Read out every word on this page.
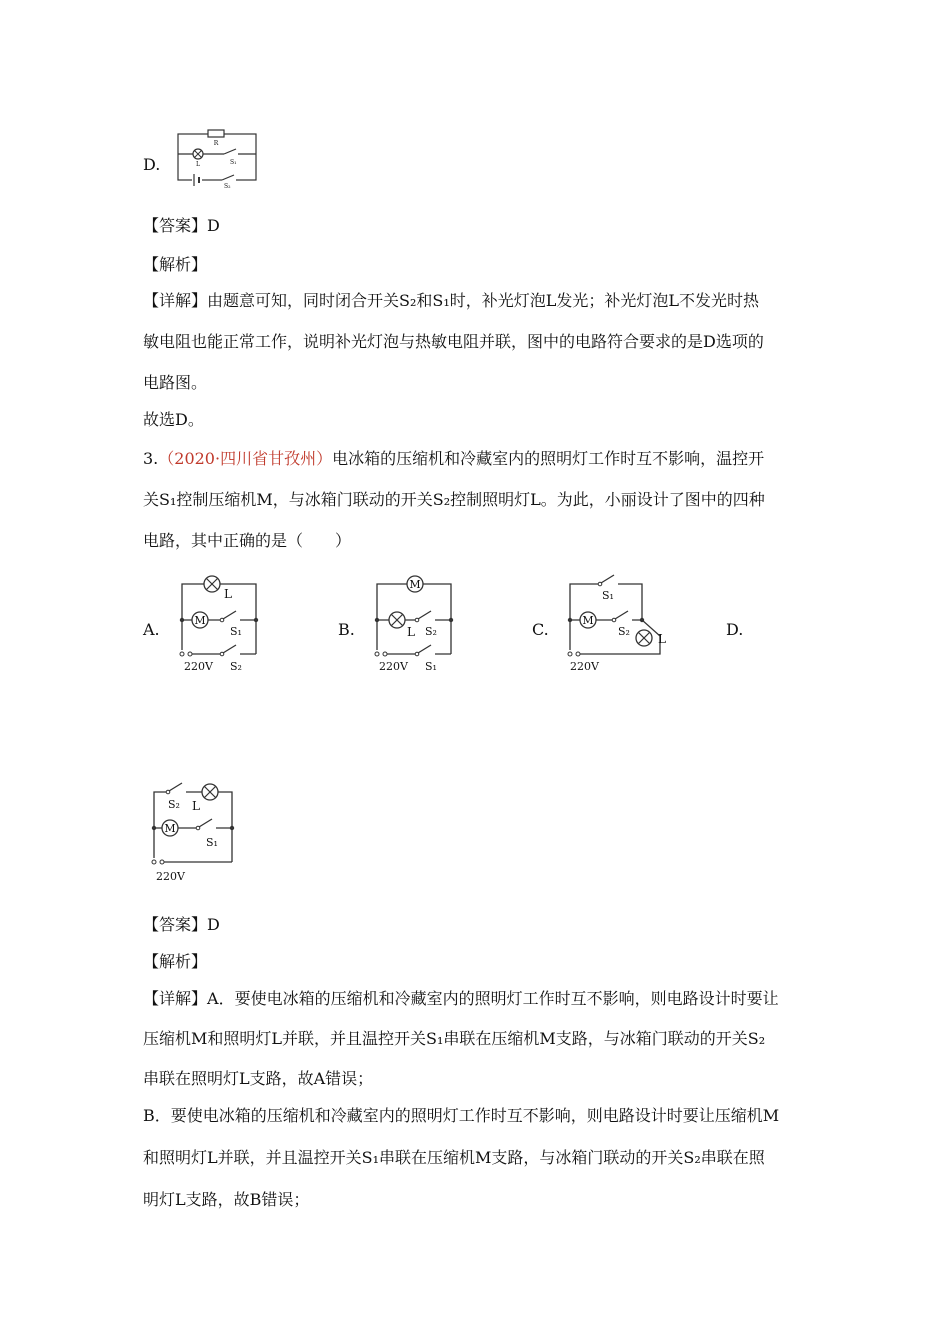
D.
R
L	S₁
S₂
【答案】D
【解析】
【详解】由题意可知，同时闭合开关S₂和S₁时，补光灯泡L发光；补光灯泡L不发光时热
敏电阻也能正常工作，说明补光灯泡与热敏电阻并联，图中的电路符合要求的是D选项的
电路图。
故选D。
3.（2020·四川省甘孜州）电冰箱的压缩机和冷藏室内的照明灯工作时互不影响，温控开
关S₁控制压缩机M，与冰箱门联动的开关S₂控制照明灯L。为此，小丽设计了图中的四种
电路，其中正确的是（　　）
A.
L
M
S₁
220V S₂
B.
M
L S₂
220V S₁
C.
S₁
M
S₂
L
220V
D.
S₂ L
M
S₁
220V
【答案】D
【解析】
【详解】A．要使电冰箱的压缩机和冷藏室内的照明灯工作时互不影响，则电路设计时要让
压缩机M和照明灯L并联，并且温控开关S₁串联在压缩机M支路，与冰箱门联动的开关S₂
串联在照明灯L支路，故A错误；
B．要使电冰箱的压缩机和冷藏室内的照明灯工作时互不影响，则电路设计时要让压缩机M
和照明灯L并联，并且温控开关S₁串联在压缩机M支路，与冰箱门联动的开关S₂串联在照
明灯L支路，故B错误；
